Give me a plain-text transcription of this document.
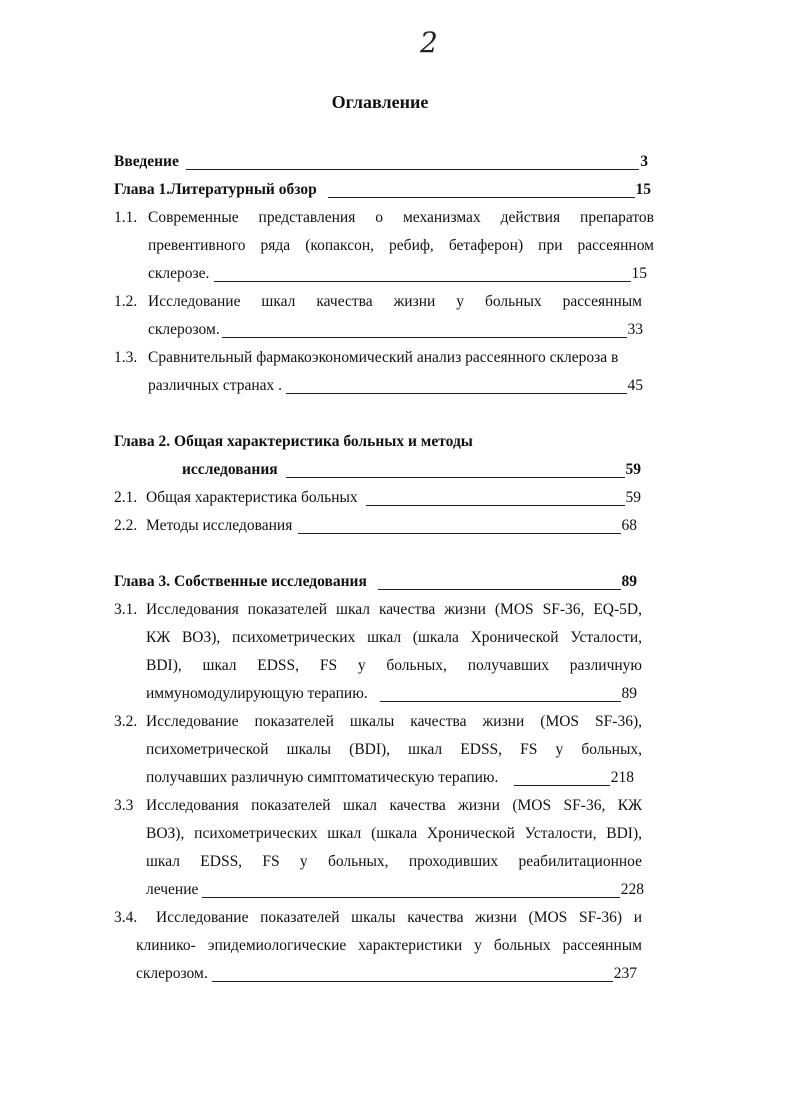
2
Оглавление
Введение	3
Глава 1.Литературный обзор	15
1.1. Современные представления о механизмах действия препаратов
превентивного ряда (копаксон, ребиф, бетаферон) при рассеянном
склерозе.	15
1.2. Исследование шкал качества жизни у больных рассеянным
склерозом.	33
1.3. Сравнительный фармакоэкономический анализ рассеянного склероза в
различных странах .	45
Глава 2. Общая характеристика больных и методы
исследования	59
2.1. Общая характеристика больных	59
2.2. Методы исследования	68
Глава 3. Собственные исследования	89
3.1. Исследования показателей шкал качества жизни (MOS SF-36, EQ-5D,
КЖ ВОЗ), психометрических шкал (шкала Хронической Усталости,
BDI), шкал EDSS, FS у больных, получавших различную
иммуномодулирующую терапию.	89
3.2. Исследование показателей шкалы качества жизни (MOS SF-36),
психометрической шкалы (BDI), шкал EDSS, FS у больных,
получавших различную симптоматическую терапию.	218
3.3 Исследования показателей шкал качества жизни (MOS SF-36, КЖ
ВОЗ), психометрических шкал (шкала Хронической Усталости, BDI),
шкал EDSS, FS у больных, проходивших реабилитационное
лечение	228
3.4. Исследование показателей шкалы качества жизни (MOS SF-36) и
клинико- эпидемиологические характеристики у больных рассеянным
склерозом.	237
